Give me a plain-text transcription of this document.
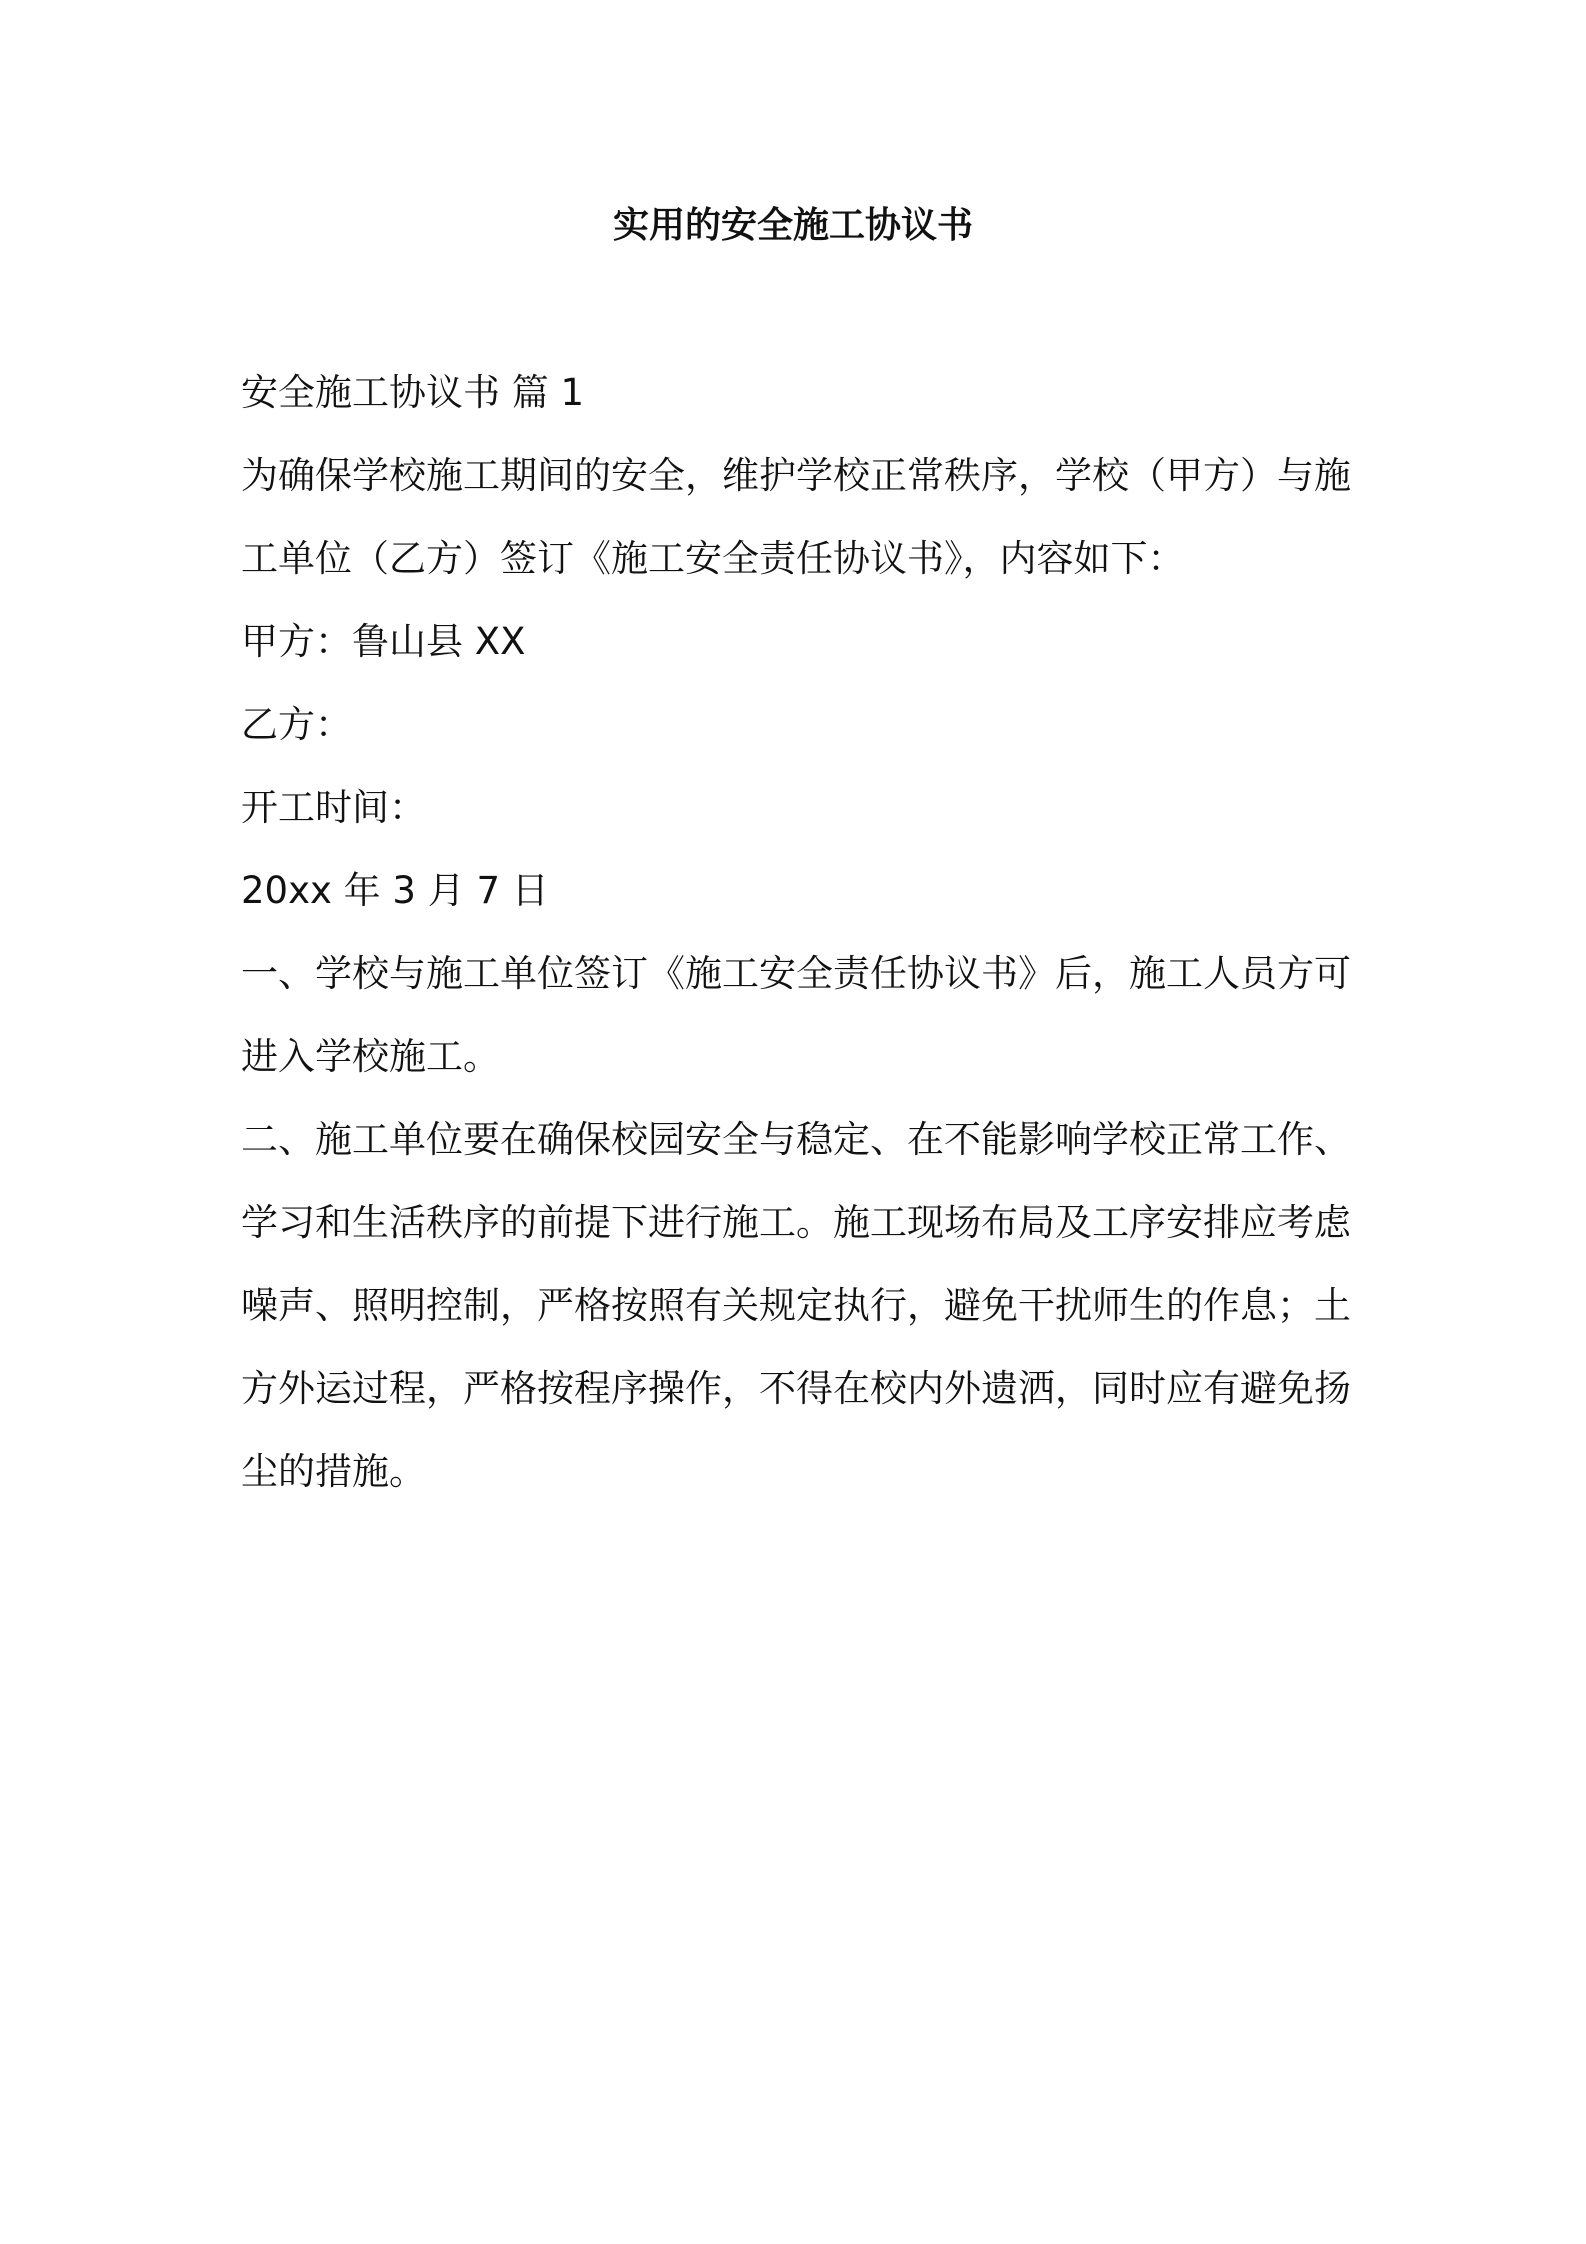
实用的安全施工协议书
安全施工协议书 篇 1
为确保学校施工期间的安全，维护学校正常秩序，学校（甲方）与施
工单位（乙方）签订《施工安全责任协议书》，内容如下：
甲方：鲁山县 XX
乙方：
开工时间：
20xx 年 3 月 7 日
一、学校与施工单位签订《施工安全责任协议书》后，施工人员方可
进入学校施工。
二、施工单位要在确保校园安全与稳定、在不能影响学校正常工作、
学习和生活秩序的前提下进行施工。施工现场布局及工序安排应考虑
噪声、照明控制，严格按照有关规定执行，避免干扰师生的作息；土
方外运过程，严格按程序操作，不得在校内外遗洒，同时应有避免扬
尘的措施。
